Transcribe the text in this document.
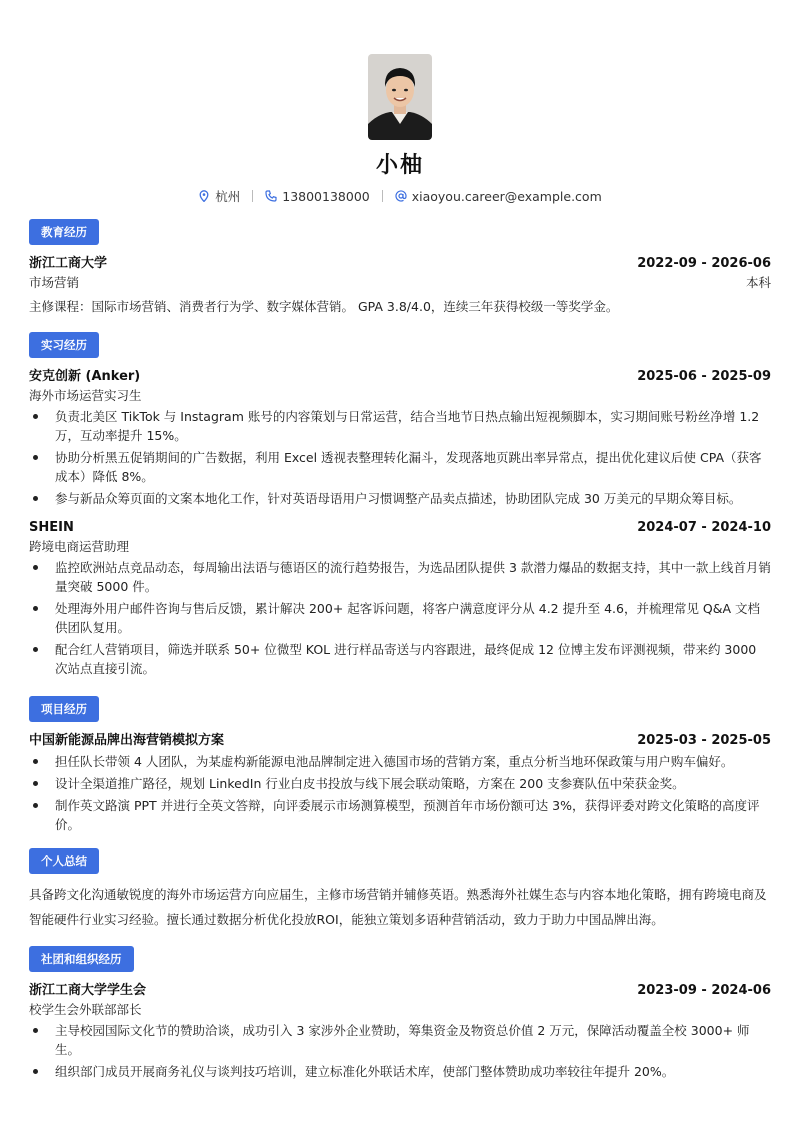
小柚
杭州	13800138000	xiaoyou.career@example.com
教育经历
浙江工商大学	2022-09 - 2026-06
市场营销	本科
主修课程：国际市场营销、消费者行为学、数字媒体营销。 GPA 3.8/4.0，连续三年获得校级一等奖学金。
实习经历
安克创新 (Anker)	2025-06 - 2025-09
海外市场运营实习生
负责北美区 TikTok 与 Instagram 账号的内容策划与日常运营，结合当地节日热点输出短视频脚本，实习期间账号粉丝净增 1.2 万，互动率提升 15%。
协助分析黑五促销期间的广告数据，利用 Excel 透视表整理转化漏斗，发现落地页跳出率异常点，提出优化建议后使 CPA（获客成本）降低 8%。
参与新品众筹页面的文案本地化工作，针对英语母语用户习惯调整产品卖点描述，协助团队完成 30 万美元的早期众筹目标。
SHEIN	2024-07 - 2024-10
跨境电商运营助理
监控欧洲站点竞品动态，每周输出法语与德语区的流行趋势报告，为选品团队提供 3 款潜力爆品的数据支持，其中一款上线首月销量突破 5000 件。
处理海外用户邮件咨询与售后反馈，累计解决 200+ 起客诉问题，将客户满意度评分从 4.2 提升至 4.6，并梳理常见 Q&A 文档供团队复用。
配合红人营销项目，筛选并联系 50+ 位微型 KOL 进行样品寄送与内容跟进，最终促成 12 位博主发布评测视频，带来约 3000 次站点直接引流。
项目经历
中国新能源品牌出海营销模拟方案	2025-03 - 2025-05
担任队长带领 4 人团队，为某虚构新能源电池品牌制定进入德国市场的营销方案，重点分析当地环保政策与用户购车偏好。
设计全渠道推广路径，规划 LinkedIn 行业白皮书投放与线下展会联动策略，方案在 200 支参赛队伍中荣获金奖。
制作英文路演 PPT 并进行全英文答辩，向评委展示市场测算模型，预测首年市场份额可达 3%，获得评委对跨文化策略的高度评价。
个人总结
具备跨文化沟通敏锐度的海外市场运营方向应届生，主修市场营销并辅修英语。熟悉海外社媒生态与内容本地化策略，拥有跨境电商及智能硬件行业实习经验。擅长通过数据分析优化投放ROI，能独立策划多语种营销活动，致力于助力中国品牌出海。
社团和组织经历
浙江工商大学学生会	2023-09 - 2024-06
校学生会外联部部长
主导校园国际文化节的赞助洽谈，成功引入 3 家涉外企业赞助，筹集资金及物资总价值 2 万元，保障活动覆盖全校 3000+ 师生。
组织部门成员开展商务礼仪与谈判技巧培训，建立标准化外联话术库，使部门整体赞助成功率较往年提升 20%。
